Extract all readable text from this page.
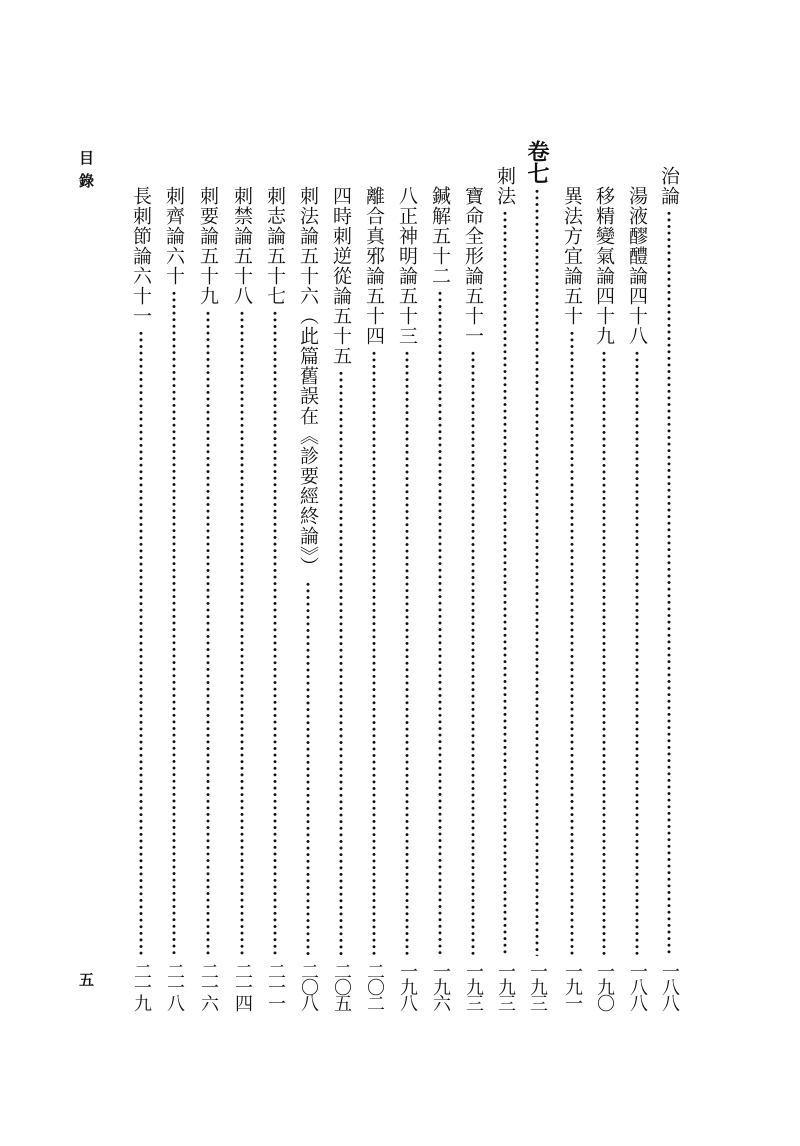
目錄
五
治論
一八八
湯液醪醴論四十八
一八八
移精變氣論四十九
一九〇
異法方宜論五十
一九一
卷七
一九三
刺法
一九三
寶命全形論五十一
一九三
鍼解五十二
一九六
八正神明論五十三
一九八
離合真邪論五十四
二〇二
四時刺逆從論五十五
二〇五
刺法論五十六（此篇舊誤在《診要經終論》）
二〇八
刺志論五十七
二一一
刺禁論五十八
二一四
刺要論五十九
二一六
刺齊論六十
二一八
長刺節論六十一
二一九
